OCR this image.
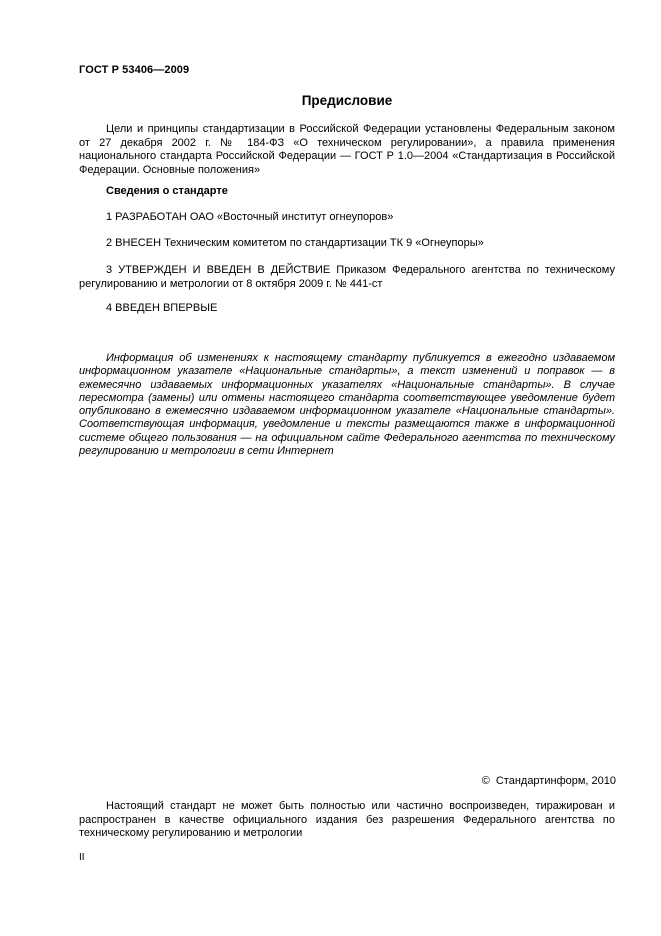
ГОСТ Р 53406—2009
Предисловие

Цели и принципы стандартизации в Российской Федерации установлены Федеральным законом от 27 декабря 2002 г. № 184-ФЗ «О техническом регулировании», а правила применения национального стандарта Российской Федерации — ГОСТ Р 1.0—2004 «Стандартизация в Российской Федерации. Основные положения»

Сведения о стандарте

1 РАЗРАБОТАН ОАО «Восточный институт огнеупоров»

2 ВНЕСЕН Техническим комитетом по стандартизации ТК 9 «Огнеупоры»

3 УТВЕРЖДЕН И ВВЕДЕН В ДЕЙСТВИЕ Приказом Федерального агентства по техническому регулированию и метрологии от 8 октября 2009 г. № 441-ст

4 ВВЕДЕН ВПЕРВЫЕ

Информация об изменениях к настоящему стандарту публикуется в ежегодно издаваемом информационном указателе «Национальные стандарты», а текст изменений и поправок — в ежемесячно издаваемых информационных указателях «Национальные стандарты». В случае пересмотра (замены) или отмены настоящего стандарта соответствующее уведомление будет опубликовано в ежемесячно издаваемом информационном указателе «Национальные стандарты». Соответствующая информация, уведомление и тексты размещаются также в информационной системе общего пользования — на официальном сайте Федерального агентства по техническому регулированию и метрологии в сети Интернет

© Стандартинформ, 2010

Настоящий стандарт не может быть полностью или частично воспроизведен, тиражирован и распространен в качестве официального издания без разрешения Федерального агентства по техническому регулированию и метрологии

II
